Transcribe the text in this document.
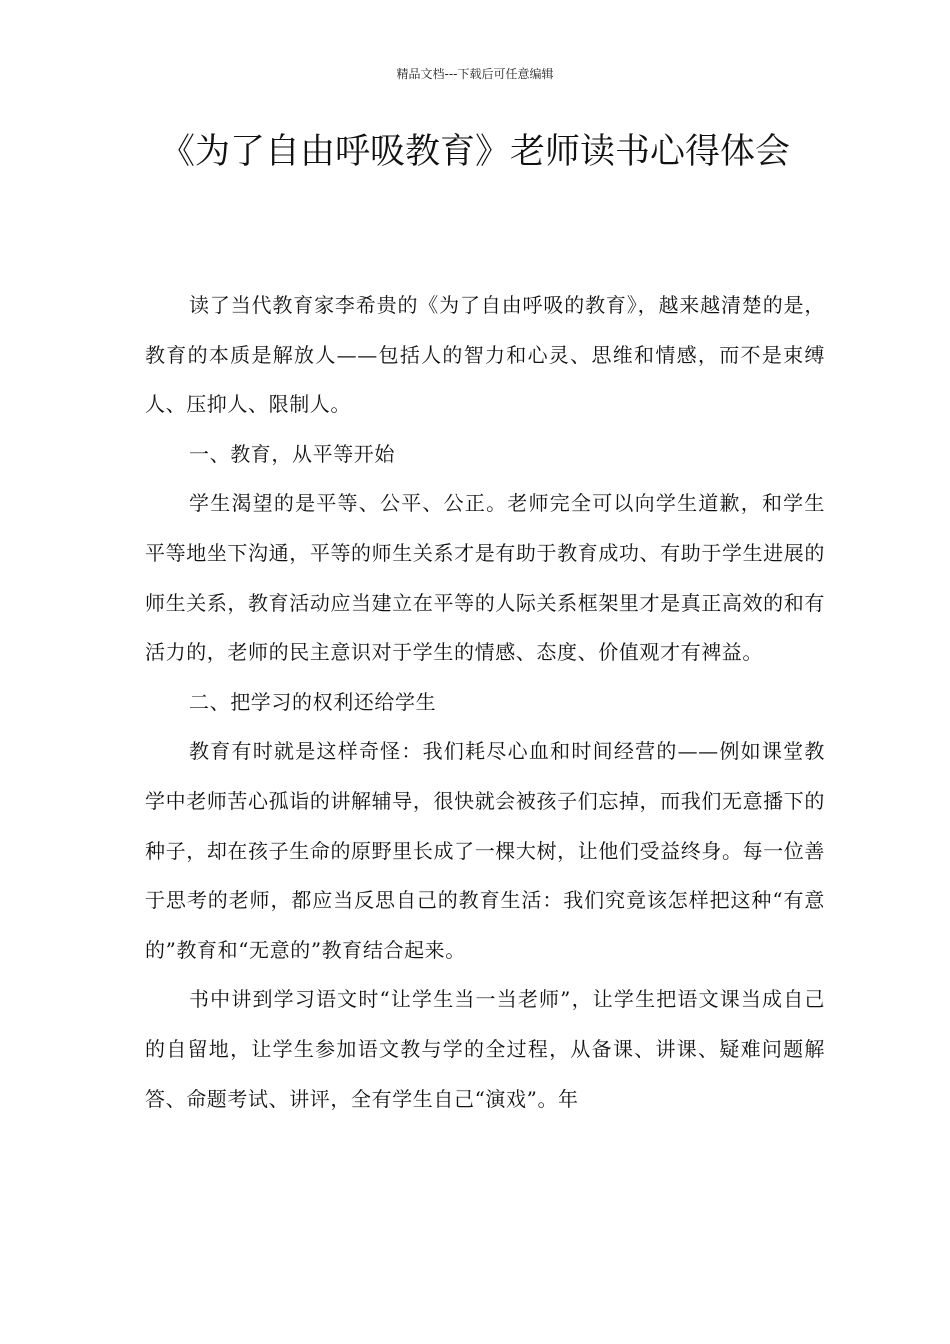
精品文档---下载后可任意编辑
《为了自由呼吸教育》老师读书心得体会

读了当代教育家李希贵的《为了自由呼吸的教育》，越来越清楚的是，教育的本质是解放人——包括人的智力和心灵、思维和情感，而不是束缚人、压抑人、限制人。

一、教育，从平等开始

学生渴望的是平等、公平、公正。老师完全可以向学生道歉，和学生平等地坐下沟通，平等的师生关系才是有助于教育成功、有助于学生进展的师生关系，教育活动应当建立在平等的人际关系框架里才是真正高效的和有活力的，老师的民主意识对于学生的情感、态度、价值观才有裨益。

二、把学习的权利还给学生

教育有时就是这样奇怪：我们耗尽心血和时间经营的——例如课堂教学中老师苦心孤诣的讲解辅导，很快就会被孩子们忘掉，而我们无意播下的种子，却在孩子生命的原野里长成了一棵大树，让他们受益终身。每一位善于思考的老师，都应当反思自己的教育生活：我们究竟该怎样把这种“有意的”教育和“无意的”教育结合起来。

书中讲到学习语文时“让学生当一当老师”，让学生把语文课当成自己的自留地，让学生参加语文教与学的全过程，从备课、讲课、疑难问题解答、命题考试、讲评，全有学生自己“演戏”。年
